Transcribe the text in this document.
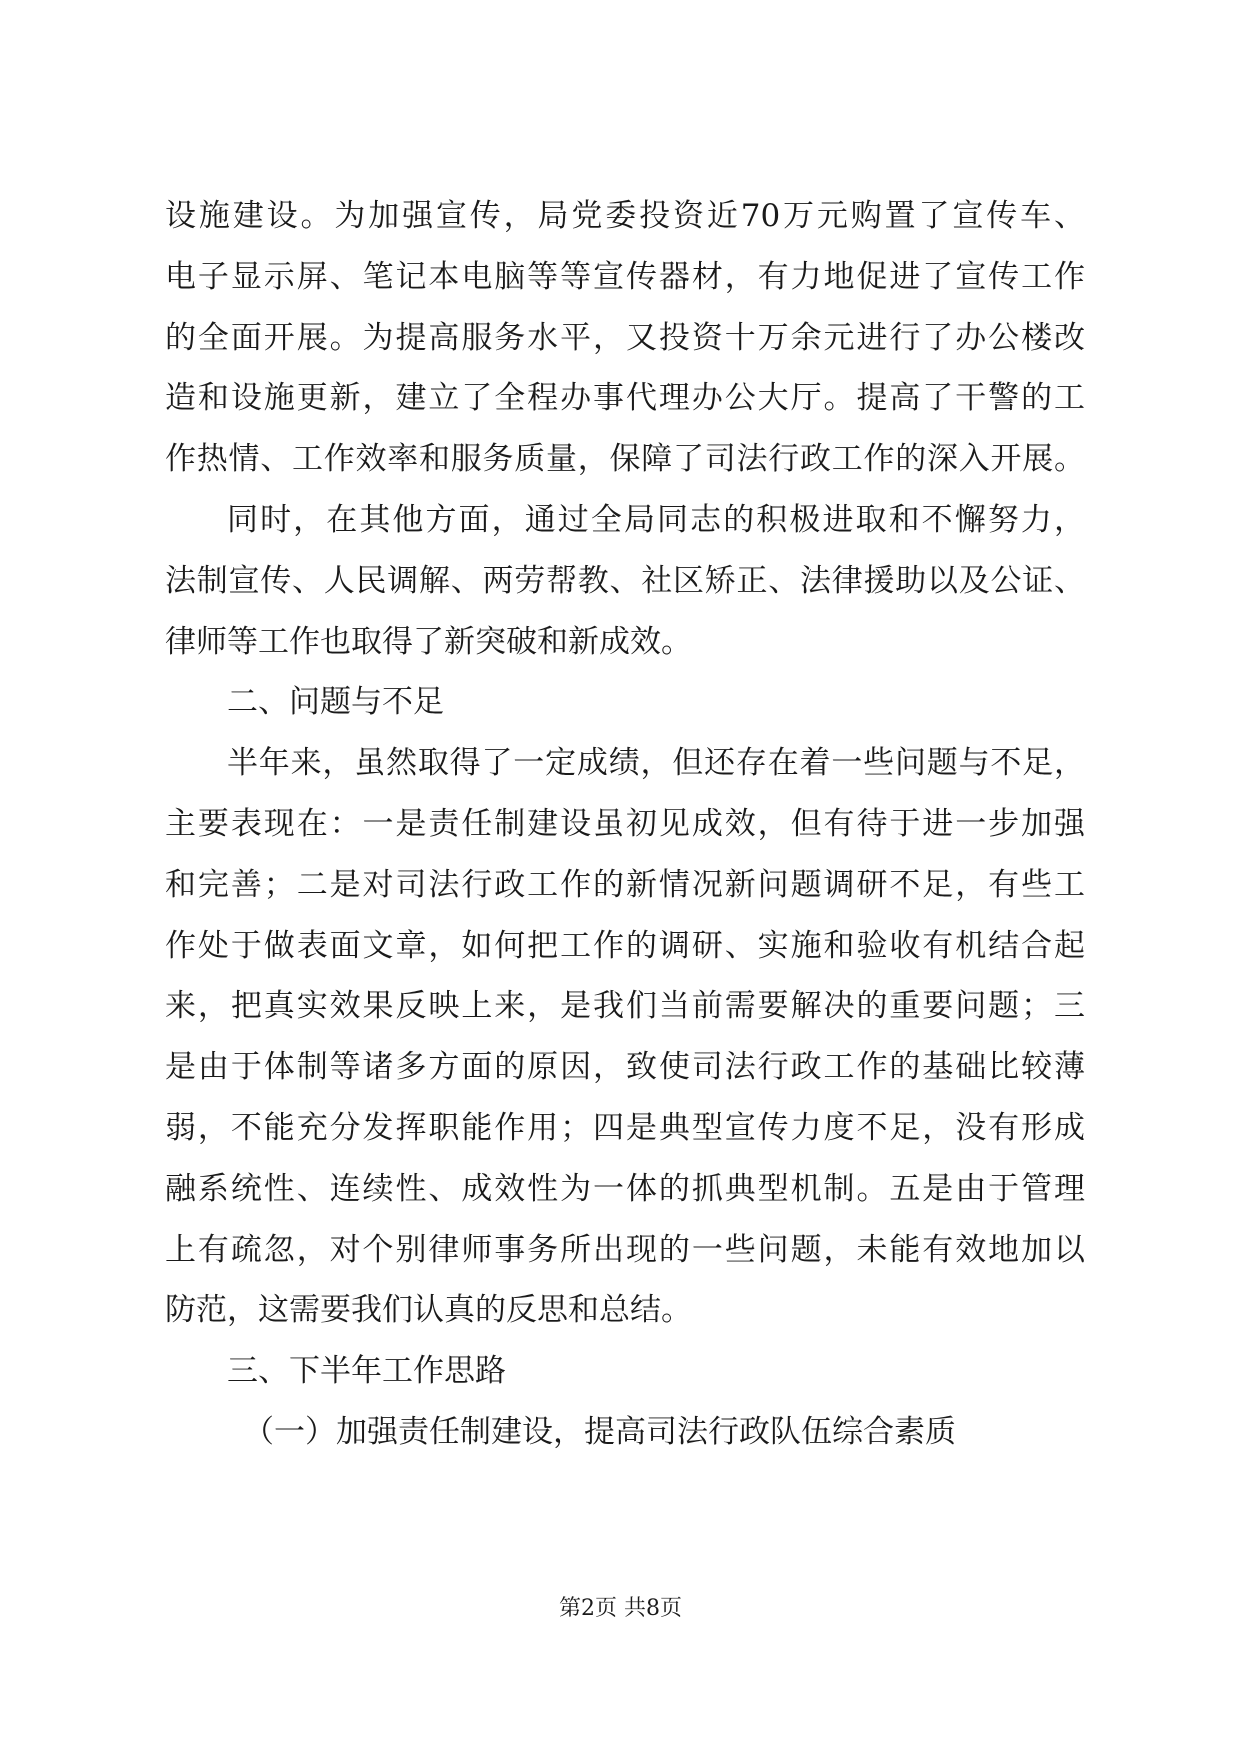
设施建设。为加强宣传，局党委投资近70万元购置了宣传车、
电子显示屏、笔记本电脑等等宣传器材，有力地促进了宣传工作
的全面开展。为提高服务水平，又投资十万余元进行了办公楼改
造和设施更新，建立了全程办事代理办公大厅。提高了干警的工
作热情、工作效率和服务质量，保障了司法行政工作的深入开展。
同时，在其他方面，通过全局同志的积极进取和不懈努力，
法制宣传、人民调解、两劳帮教、社区矫正、法律援助以及公证、
律师等工作也取得了新突破和新成效。
二、问题与不足
半年来，虽然取得了一定成绩，但还存在着一些问题与不足，
主要表现在：一是责任制建设虽初见成效，但有待于进一步加强
和完善；二是对司法行政工作的新情况新问题调研不足，有些工
作处于做表面文章，如何把工作的调研、实施和验收有机结合起
来，把真实效果反映上来，是我们当前需要解决的重要问题；三
是由于体制等诸多方面的原因，致使司法行政工作的基础比较薄
弱，不能充分发挥职能作用；四是典型宣传力度不足，没有形成
融系统性、连续性、成效性为一体的抓典型机制。五是由于管理
上有疏忽，对个别律师事务所出现的一些问题，未能有效地加以
防范，这需要我们认真的反思和总结。
三、下半年工作思路
（一）加强责任制建设，提高司法行政队伍综合素质
第2页 共8页
